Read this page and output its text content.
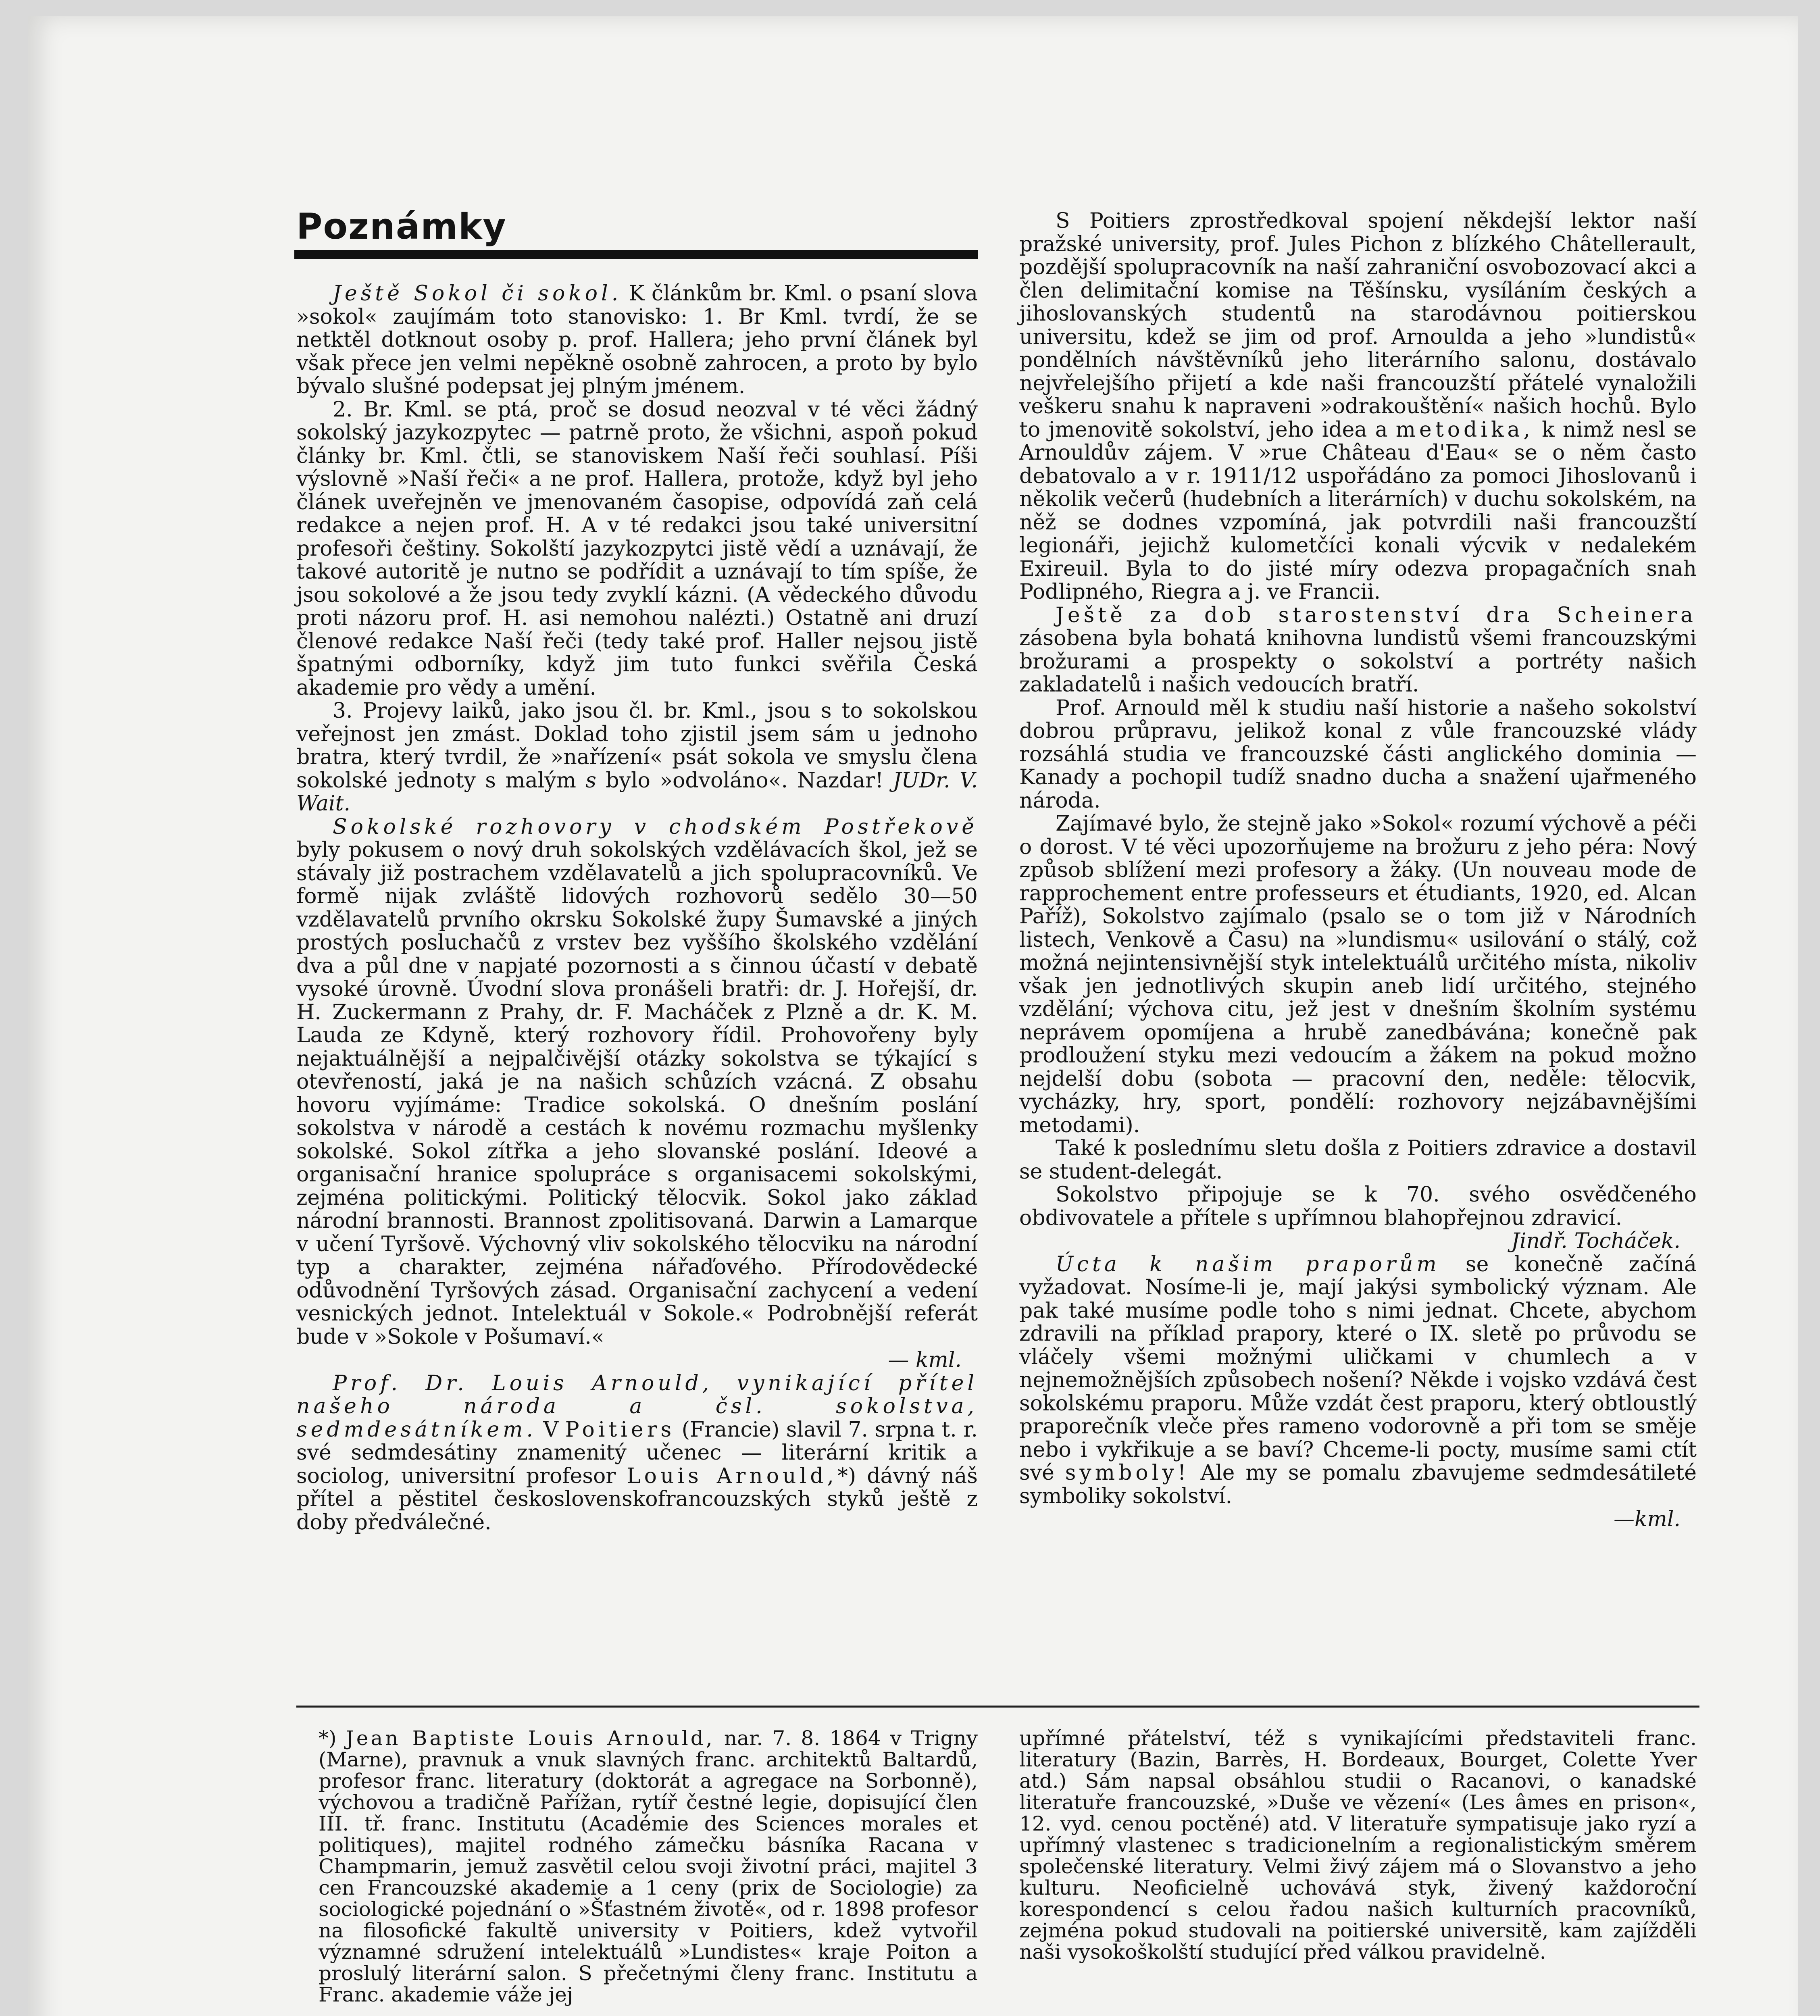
Poznámky

Ještě Sokol či sokol. K článkům br. Kml. o psaní slova »sokol« zaujímám toto stanovisko: 1. Br Kml. tvrdí, že se netktěl dotknout osoby p. prof. Hallera; jeho první článek byl však přece jen velmi nepěkně osobně zahrocen, a proto by bylo bývalo slušné podepsat jej plným jménem.

2. Br. Kml. se ptá, proč se dosud neozval v té věci žádný sokolský jazykozpytec — patrně proto, že všichni, aspoň pokud články br. Kml. čtli, se stanoviskem Naší řeči souhlasí. Píši výslovně »Naší řeči« a ne prof. Hallera, protože, když byl jeho článek uveřejněn ve jmenovaném časopise, odpovídá zaň celá redakce a nejen prof. H. A v té redakci jsou také universitní profesoři češtiny. Sokolští jazykozpytci jistě vědí a uznávají, že takové autoritě je nutno se podřídit a uznávají to tím spíše, že jsou sokolové a že jsou tedy zvyklí kázni. (A vědeckého důvodu proti názoru prof. H. asi nemohou nalézti.) Ostatně ani druzí členové redakce Naší řeči (tedy také prof. Haller nejsou jistě špatnými odborníky, když jim tuto funkci svěřila Česká akademie pro vědy a umění.

3. Projevy laiků, jako jsou čl. br. Kml., jsou s to sokolskou veřejnost jen zmást. Doklad toho zjistil jsem sám u jednoho bratra, který tvrdil, že »nařízení« psát sokola ve smyslu člena sokolské jednoty s malým s bylo »odvoláno«. Nazdar! JUDr. V. Wait.

Sokolské rozhovory v chodském Postřekově byly pokusem o nový druh sokolských vzdělávacích škol, jež se stávaly již postrachem vzdělavatelů a jich spolupracovníků. Ve formě nijak zvláště lidových rozhovorů sedělo 30—50 vzdělavatelů prvního okrsku Sokolské župy Šumavské a jiných prostých posluchačů z vrstev bez vyššího školského vzdělání dva a půl dne v napjaté pozornosti a s činnou účastí v debatě vysoké úrovně. Úvodní slova pronášeli bratři: dr. J. Hořejší, dr. H. Zuckermann z Prahy, dr. F. Macháček z Plzně a dr. K. M. Lauda ze Kdyně, který rozhovory řídil. Prohovořeny byly nejaktuálnější a nejpalčivější otázky sokolstva se týkající s otevřeností, jaká je na našich schůzích vzácná. Z obsahu hovoru vyjímáme: Tradice sokolská. O dnešním poslání sokolstva v národě a cestách k novému rozmachu myšlenky sokolské. Sokol zítřka a jeho slovanské poslání. Ideové a organisační hranice spolupráce s organisacemi sokolskými, zejména politickými. Politický tělocvik. Sokol jako základ národní brannosti. Brannost zpolitisovaná. Darwin a Lamarque v učení Tyršově. Výchovný vliv sokolského tělocviku na národní typ a charakter, zejména nářaďového. Přírodovědecké odůvodnění Tyršových zásad. Organisační zachycení a vedení vesnických jednot. Intelektuál v Sokole.« Podrobnější referát bude v »Sokole v Pošumaví.«
— kml.

Prof. Dr. Louis Arnould, vynikající přítel našeho národa a čsl. sokolstva, sedmdesátníkem. V Poitiers (Francie) slavil 7. srpna t. r. své sedmdesátiny znamenitý učenec — literární kritik a sociolog, universitní profesor Louis Arnould,*) dávný náš přítel a pěstitel československofrancouzských styků ještě z doby předválečné.

S Poitiers zprostředkoval spojení někdejší lektor naší pražské university, prof. Jules Pichon z blízkého Châtellerault, pozdější spolupracovník na naší zahraniční osvobozovací akci a člen delimitační komise na Těšínsku, vysíláním českých a jihoslovanských studentů na starodávnou poitierskou universitu, kdež se jim od prof. Arnoulda a jeho »lundistů« pondělních návštěvníků jeho literárního salonu, dostávalo nejvřelejšího přijetí a kde naši francouzští přátelé vynaložili veškeru snahu k napraveni »odrakouštění« našich hochů. Bylo to jmenovitě sokolství, jeho idea a metodika, k nimž nesl se Arnouldův zájem. V »rue Château d'Eau« se o něm často debatovalo a v r. 1911/12 uspořádáno za pomoci Jihoslovanů i několik večerů (hudebních a literárních) v duchu sokolském, na něž se dodnes vzpomíná, jak potvrdili naši francouzští legionáři, jejichž kulometčíci konali výcvik v nedalekém Exireuil. Byla to do jisté míry odezva propagačních snah Podlipného, Riegra a j. ve Francii.

Ještě za dob starostenství dra Scheinera zásobena byla bohatá knihovna lundistů všemi francouzskými brožurami a prospekty o sokolství a portréty našich zakladatelů i našich vedoucích bratří.

Prof. Arnould měl k studiu naší historie a našeho sokolství dobrou průpravu, jelikož konal z vůle francouzské vlády rozsáhlá studia ve francouzské části anglického dominia — Kanady a pochopil tudíž snadno ducha a snažení ujařmeného národa.

Zajímavé bylo, že stejně jako »Sokol« rozumí výchově a péči o dorost. V té věci upozorňujeme na brožuru z jeho péra: Nový způsob sblížení mezi profesory a žáky. (Un nouveau mode de rapprochement entre professeurs et étudiants, 1920, ed. Alcan Paříž), Sokolstvo zajímalo (psalo se o tom již v Národních listech, Venkově a Času) na »lundismu« usilování o stálý, což možná nejintensivnější styk intelektuálů určitého místa, nikoliv však jen jednotlivých skupin aneb lidí určitého, stejného vzdělání; výchova citu, jež jest v dnešním školním systému neprávem opomíjena a hrubě zanedbávána; konečně pak prodloužení styku mezi vedoucím a žákem na pokud možno nejdelší dobu (sobota — pracovní den, neděle: tělocvik, vycházky, hry, sport, pondělí: rozhovory nejzábavnějšími metodami).

Také k poslednímu sletu došla z Poitiers zdravice a dostavil se student-delegát.

Sokolstvo připojuje se k 70. svého osvědčeného obdivovatele a přítele s upřímnou blahopřejnou zdravicí.
Jindř. Tocháček.

Úcta k našim praporům se konečně začíná vyžadovat. Nosíme-li je, mají jakýsi symbolický význam. Ale pak také musíme podle toho s nimi jednat. Chcete, abychom zdravili na příklad prapory, které o IX. sletě po průvodu se vláčely všemi možnými uličkami v chumlech a v nejnemožnějších způsobech nošení? Někde i vojsko vzdává čest sokolskému praporu. Může vzdát čest praporu, který obtloustlý praporečník vleče přes rameno vodorovně a při tom se směje nebo i vykřikuje a se baví? Chceme-li pocty, musíme sami ctít své symboly! Ale my se pomalu zbavujeme sedmdesátileté symboliky sokolství.
—kml.

*) Jean Baptiste Louis Arnould, nar. 7. 8. 1864 v Trigny (Marne), pravnuk a vnuk slavných franc. architektů Baltardů, profesor franc. literatury (doktorát a agregace na Sorbonně), výchovou a tradičně Pařížan, rytíř čestné legie, dopisující člen III. tř. franc. Institutu (Académie des Sciences morales et politiques), majitel rodného zámečku básníka Racana v Champmarin, jemuž zasvětil celou svoji životní práci, majitel 3 cen Francouzské akademie a 1 ceny (prix de Sociologie) za sociologické pojednání o »Šťastném životě«, od r. 1898 profesor na filosofické fakultě university v Poitiers, kdež vytvořil významné sdružení intelektuálů »Lundistes« kraje Poiton a proslulý literární salon. S přečetnými členy franc. Institutu a Franc. akademie váže jej

upřímné přátelství, též s vynikajícími představiteli franc. literatury (Bazin, Barrès, H. Bordeaux, Bourget, Colette Yver atd.) Sám napsal obsáhlou studii o Racanovi, o kanadské literatuře francouzské, »Duše ve vězení« (Les âmes en prison«, 12. vyd. cenou poctěné) atd. V literatuře sympatisuje jako ryzí a upřímný vlastenec s tradicionelním a regionalistickým směrem společenské literatury. Velmi živý zájem má o Slovanstvo a jeho kulturu. Neoficielně uchovává styk, živený každoroční korespondencí s celou řadou našich kulturních pracovníků, zejména pokud studovali na poitierské universitě, kam zajížděli naši vysokoškolští studující před válkou pravidelně.
